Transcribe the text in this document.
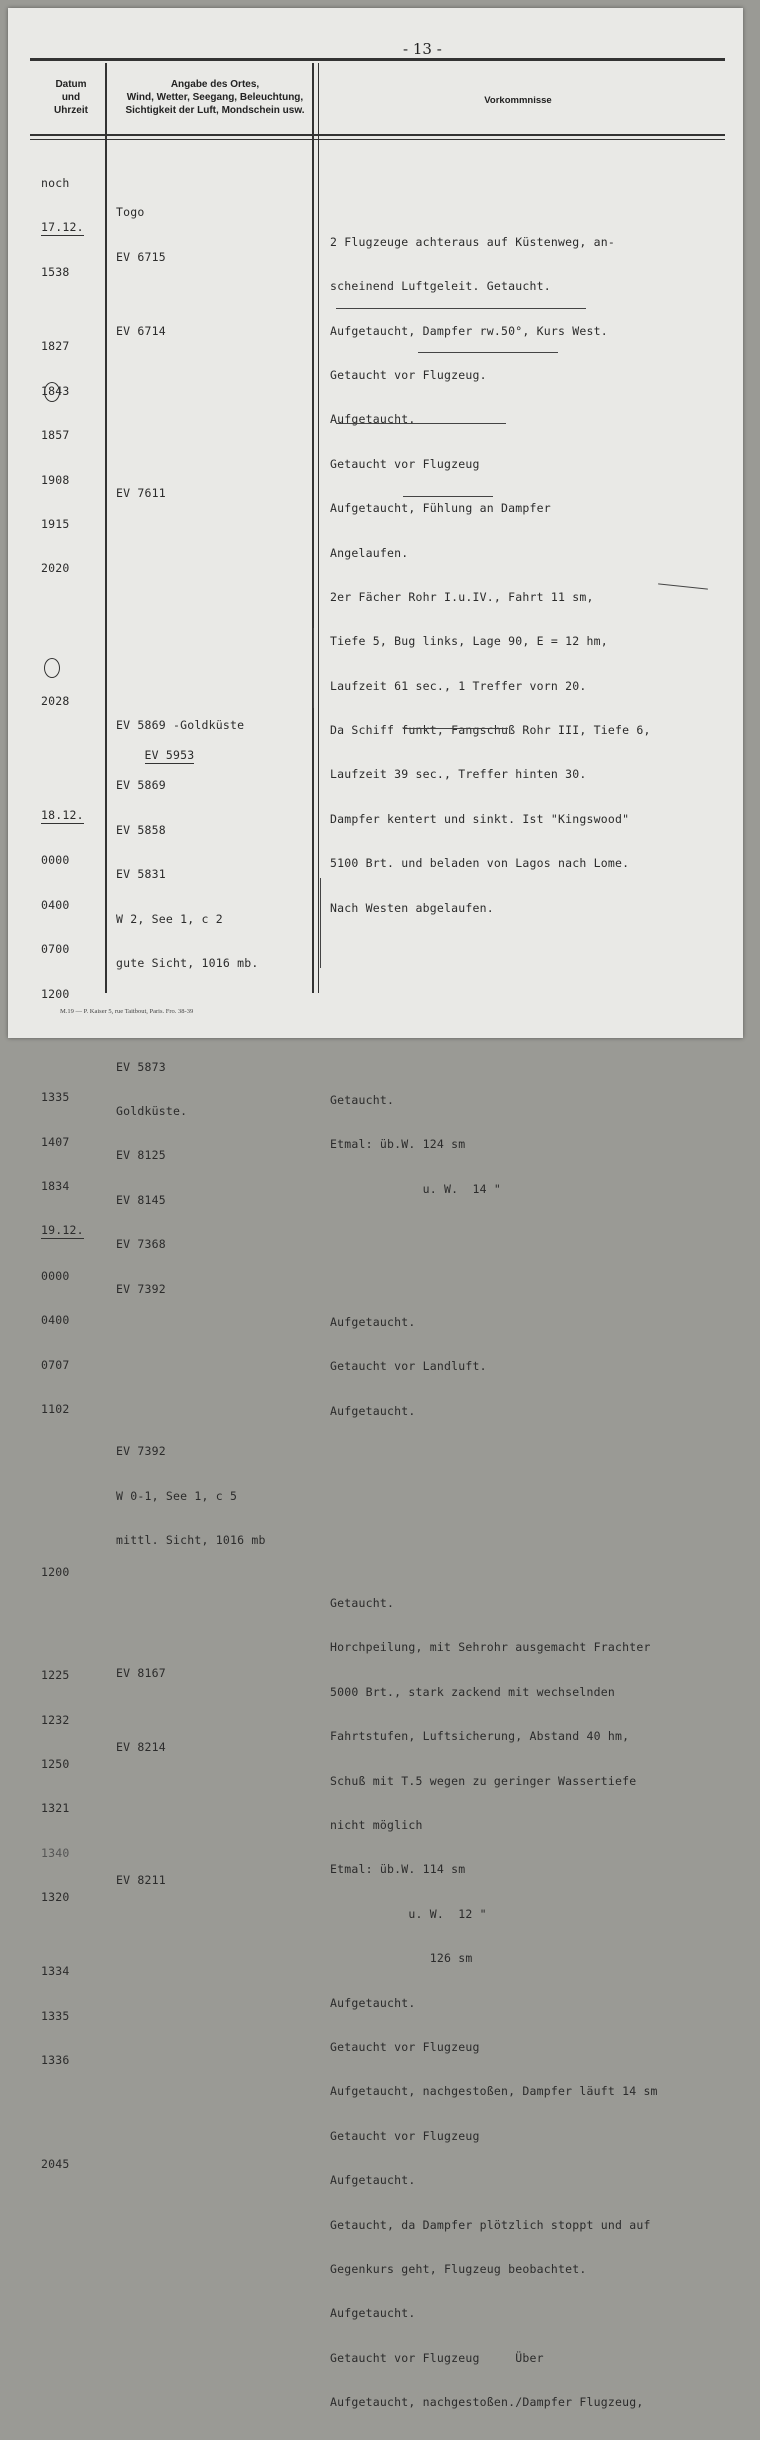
- 13 -
Datum
und
Uhrzeit
Angabe des Ortes,
Wind, Wetter, Seegang, Beleuchtung,
Sichtigkeit der Luft, Mondschein usw.
Vorkommnisse

noch

17.12.

1538

1827

1843

1857

1908

1915

2020

2028

18.12.

0000

0400

0700

1200

1335

1407

1834

19.12.

0000

0400

0707

1102

1200

1225

1232

1250

1321

1340

1320

1334

1335

1336

2045

Togo

EV 6715

EV 6714

EV 7611

EV 5869 -Goldküste

EV 5953

EV 5869

EV 5858

EV 5831

W 2, See 1, c 2

gute Sicht, 1016 mb.

EV 5873

Goldküste.

EV 8125

EV 8145

EV 7368

EV 7392

EV 7392

W 0-1, See 1, c 5

mittl. Sicht, 1016 mb

EV 8167

EV 8214

EV 8211

2 Flugzeuge achteraus auf Küstenweg, an-

scheinend Luftgeleit. Getaucht.

Aufgetaucht, Dampfer rw.50°, Kurs West.

Getaucht vor Flugzeug.

Aufgetaucht.

Getaucht vor Flugzeug

Aufgetaucht, Fühlung an Dampfer

Angelaufen.

2er Fächer Rohr I.u.IV., Fahrt 11 sm,

Tiefe 5, Bug links, Lage 90, E = 12 hm,

Laufzeit 61 sec., 1 Treffer vorn 20.

Da Schiff funkt, Fangschuß Rohr III, Tiefe 6,

Laufzeit 39 sec., Treffer hinten 30.

Dampfer kentert und sinkt. Ist "Kingswood"

5100 Brt. und beladen von Lagos nach Lome.

Nach Westen abgelaufen.

Getaucht.

Etmal: üb.W. 124 sm

u. W.  14 "

Aufgetaucht.

Getaucht vor Landluft.

Aufgetaucht.

Getaucht.

Horchpeilung, mit Sehrohr ausgemacht Frachter

5000 Brt., stark zackend mit wechselnden

Fahrtstufen, Luftsicherung, Abstand 40 hm,

Schuß mit T.5 wegen zu geringer Wassertiefe

nicht möglich

Etmal: üb.W. 114 sm

u. W.  12 "

126 sm

Aufgetaucht.

Getaucht vor Flugzeug

Aufgetaucht, nachgestoßen, Dampfer läuft 14 sm

Getaucht vor Flugzeug

Aufgetaucht.

Getaucht, da Dampfer plötzlich stoppt und auf

Gegenkurs geht, Flugzeug beobachtet.

Aufgetaucht.

Getaucht vor Flugzeug     Über

Aufgetaucht, nachgestoßen./Dampfer Flugzeug,

M.19 — P. Kaiser 5, rue Taitbout, Paris. Fro. 38-39
